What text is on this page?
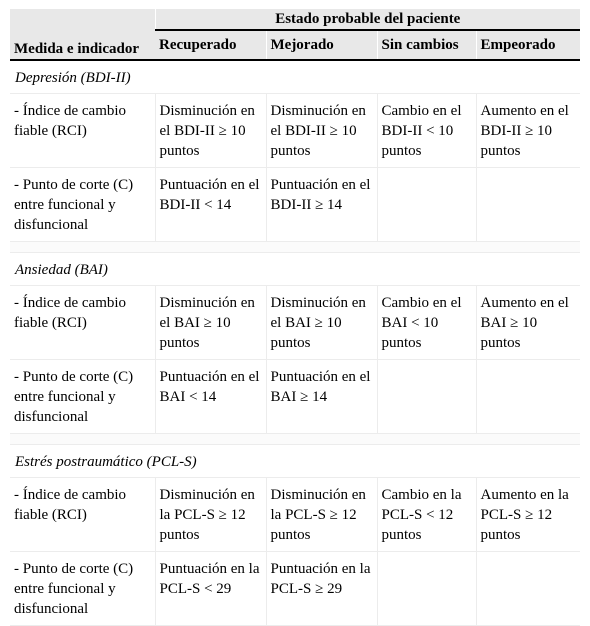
Medida e indicador	Estado probable del paciente			
	Recuperado	Mejorado	Sin cambios	Empeorado
Depresión (BDI-II)				
- Índice de cambio fiable (RCI)	Disminución en el BDI-II ≥ 10 puntos	Disminución en el BDI-II ≥ 10 puntos	Cambio en el BDI-II < 10 puntos	Aumento en el BDI-II ≥ 10 puntos
- Punto de corte (C) entre funcional y disfuncional	Puntuación en el BDI-II < 14	Puntuación en el BDI-II ≥ 14		

Ansiedad (BAI)				
- Índice de cambio fiable (RCI)	Disminución en el BAI ≥ 10 puntos	Disminución en el BAI ≥ 10 puntos	Cambio en el BAI < 10 puntos	Aumento en el BAI ≥ 10 puntos
- Punto de corte (C) entre funcional y disfuncional	Puntuación en el BAI < 14	Puntuación en el BAI ≥ 14		

Estrés postraumático (PCL-S)				
- Índice de cambio fiable (RCI)	Disminución en la PCL-S ≥ 12 puntos	Disminución en la PCL-S ≥ 12 puntos	Cambio en la PCL-S < 12 puntos	Aumento en la PCL-S ≥ 12 puntos
- Punto de corte (C) entre funcional y disfuncional	Puntuación en la PCL-S < 29	Puntuación en la PCL-S ≥ 29		
